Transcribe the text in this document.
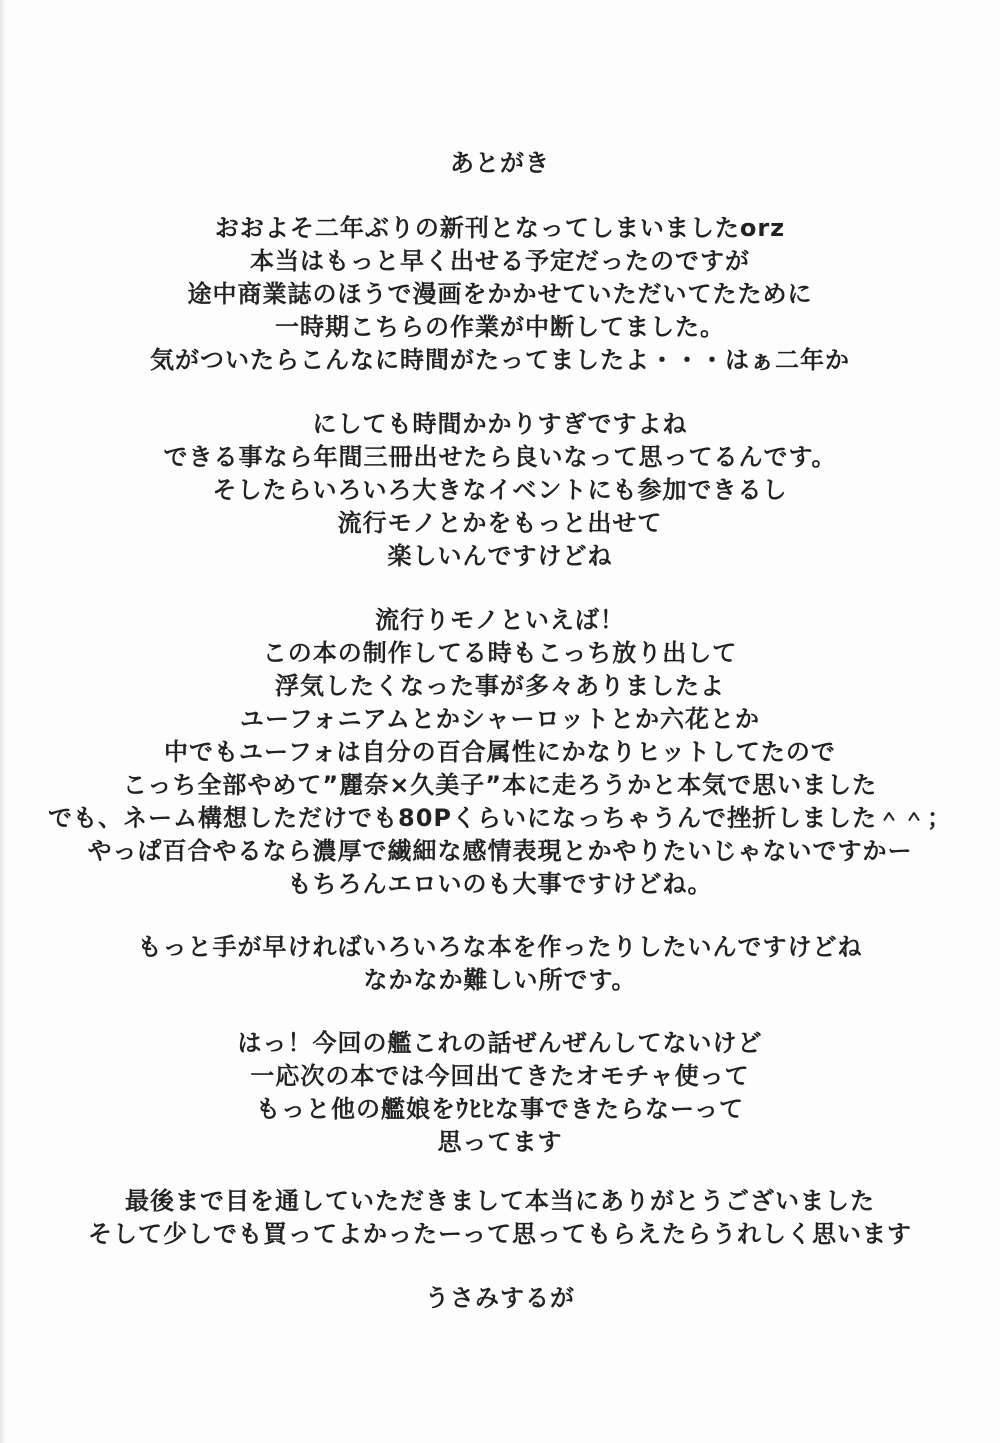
あとがき
おおよそ二年ぶりの新刊となってしまいましたorz
本当はもっと早く出せる予定だったのですが
途中商業誌のほうで漫画をかかせていただいてたために
一時期こちらの作業が中断してました。
気がついたらこんなに時間がたってましたよ・・・はぁ二年か
にしても時間かかりすぎですよね
できる事なら年間三冊出せたら良いなって思ってるんです。
そしたらいろいろ大きなイベントにも参加できるし
流行モノとかをもっと出せて
楽しいんですけどね
流行りモノといえば！
この本の制作してる時もこっち放り出して
浮気したくなった事が多々ありましたよ
ユーフォニアムとかシャーロットとか六花とか
中でもユーフォは自分の百合属性にかなりヒットしてたので
こっち全部やめて”麗奈×久美子”本に走ろうかと本気で思いました
でも、ネーム構想しただけでも80Pくらいになっちゃうんで挫折しました＾＾；
やっぱ百合やるなら濃厚で繊細な感情表現とかやりたいじゃないですかー
もちろんエロいのも大事ですけどね。
もっと手が早ければいろいろな本を作ったりしたいんですけどね
なかなか難しい所です。
はっ！今回の艦これの話ぜんぜんしてないけど
一応次の本では今回出てきたオモチャ使って
もっと他の艦娘をｳﾋﾋな事できたらなーって
思ってます
最後まで目を通していただきまして本当にありがとうございました
そして少しでも買ってよかったーって思ってもらえたらうれしく思います
うさみするが
